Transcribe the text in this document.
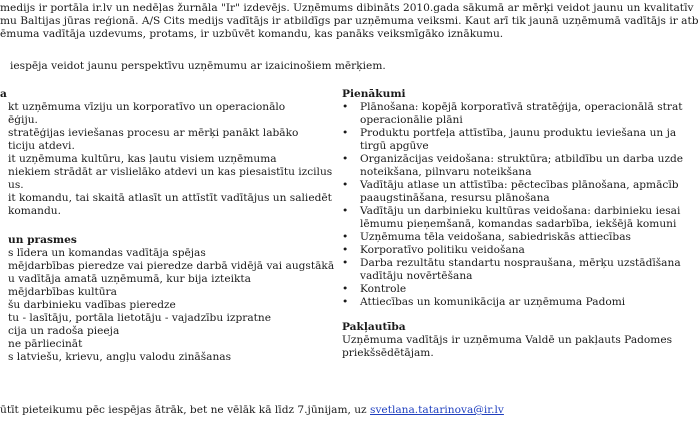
medijs ir portāla ir.lv un nedēļas žurnāla "Ir" izdevējs. Uzņēmums dibināts 2010.gada sākumā ar mērķi veidot jaunu un kvalitatīv
mu Baltijas jūras reģionā. A/S Cits medijs vadītājs ir atbildīgs par uzņēmuma veiksmi. Kaut arī tik jaunā uzņēmumā vadītājs ir atb
ēmuma vadītāja uzdevums, protams, ir uzbūvēt komandu, kas panāks veiksmīgāko iznākumu.
iespēja veidot jaunu perspektīvu uzņēmumu ar izaicinošiem mērķiem.
a
kt uzņēmuma vīziju un korporatīvo un operacionālo
ēģiju.
stratēģijas ieviešanas procesu ar mērķi panākt labāko
ticiju atdevi.
it uzņēmuma kultūru, kas ļautu visiem uzņēmuma
niekiem strādāt ar vislielāko atdevi un kas piesaistītu izcilus
us.
it komandu, tai skaitā atlasīt un attīstīt vadītājus un saliedēt
komandu.
un prasmes
s līdera un komandas vadītāja spējas
mējdarbības pieredze vai pieredze darbā vidējā vai augstākā
u vadītāja amatā uzņēmumā, kur bija izteikta
mējdarbības kultūra
šu darbinieku vadības pieredze
tu - lasītāju, portāla lietotāju - vajadzību izpratne
cija un radoša pieeja
ne pārliecināt
s latviešu, krievu, angļu valodu zināšanas
Pienākumi
• Plānošana: kopējā korporatīvā stratēģija, operacionālā strat
operacionālie plāni
• Produktu portfeļa attīstība, jaunu produktu ieviešana un ja
tirgū apgūve
• Organizācijas veidošana: struktūra; atbildību un darba uzde
noteikšana, pilnvaru noteikšana
• Vadītāju atlase un attīstība: pēctecības plānošana, apmācīb
paaugstināšana, resursu plānošana
• Vadītāju un darbinieku kultūras veidošana: darbinieku iesai
lēmumu pieņemšanā, komandas sadarbība, iekšējā komuni
• Uzņēmuma tēla veidošana, sabiedriskās attiecības
• Korporatīvo politiku veidošana
• Darba rezultātu standartu nospraušana, mērķu uzstādīšana
vadītāju novērtēšana
• Kontrole
• Attiecības un komunikācija ar uzņēmuma Padomi
Pakļautība
Uzņēmuma vadītājs ir uzņēmuma Valdē un pakļauts Padomes
priekšsēdētājam.
ūtīt pieteikumu pēc iespējas ātrāk, bet ne vēlāk kā līdz 7.jūnijam, uz svetlana.tatarinova@ir.lv
